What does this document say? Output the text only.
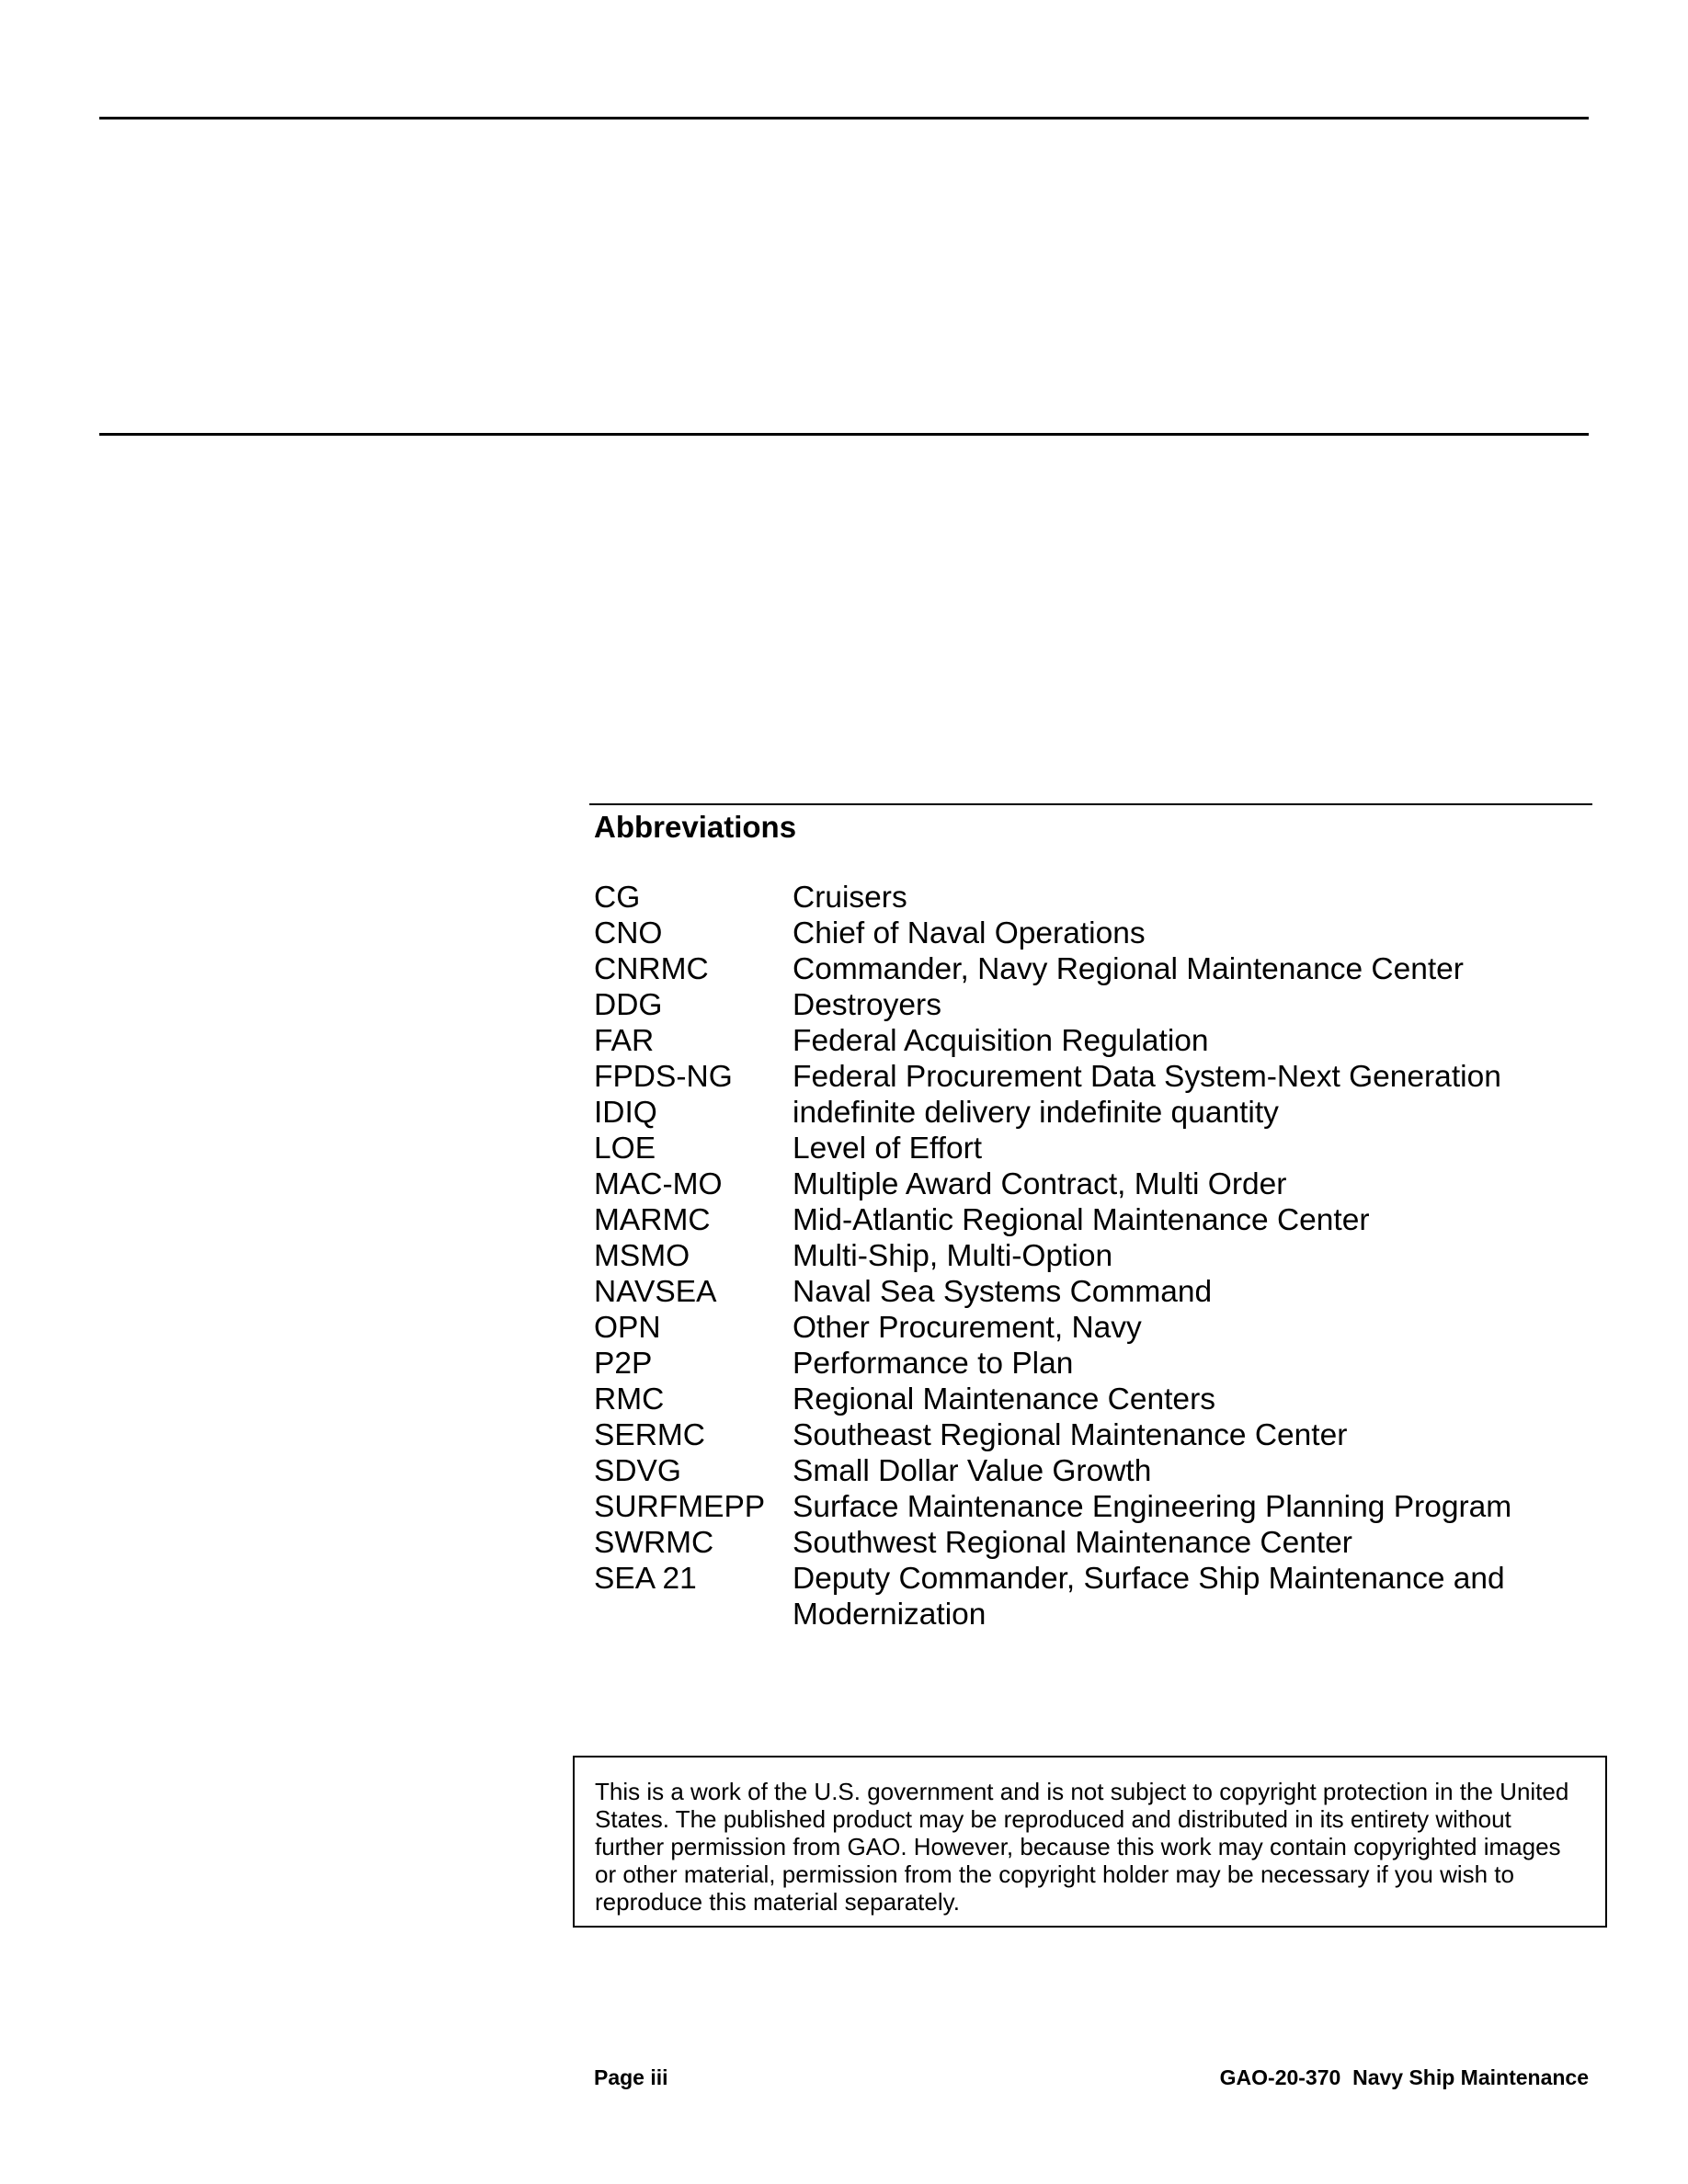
Abbreviations
CG	Cruisers
CNO	Chief of Naval Operations
CNRMC	Commander, Navy Regional Maintenance Center
DDG	Destroyers
FAR	Federal Acquisition Regulation
FPDS-NG	Federal Procurement Data System-Next Generation
IDIQ	indefinite delivery indefinite quantity
LOE	Level of Effort
MAC-MO	Multiple Award Contract, Multi Order
MARMC	Mid-Atlantic Regional Maintenance Center
MSMO	Multi-Ship, Multi-Option
NAVSEA	Naval Sea Systems Command
OPN	Other Procurement, Navy
P2P	Performance to Plan
RMC	Regional Maintenance Centers
SERMC	Southeast Regional Maintenance Center
SDVG	Small Dollar Value Growth
SURFMEPP Surface Maintenance Engineering Planning Program
SWRMC	Southwest Regional Maintenance Center
SEA 21	Deputy Commander, Surface Ship Maintenance and Modernization
This is a work of the U.S. government and is not subject to copyright protection in the United States. The published product may be reproduced and distributed in its entirety without further permission from GAO. However, because this work may contain copyrighted images or other material, permission from the copyright holder may be necessary if you wish to reproduce this material separately.
Page iii	GAO-20-370  Navy Ship Maintenance
